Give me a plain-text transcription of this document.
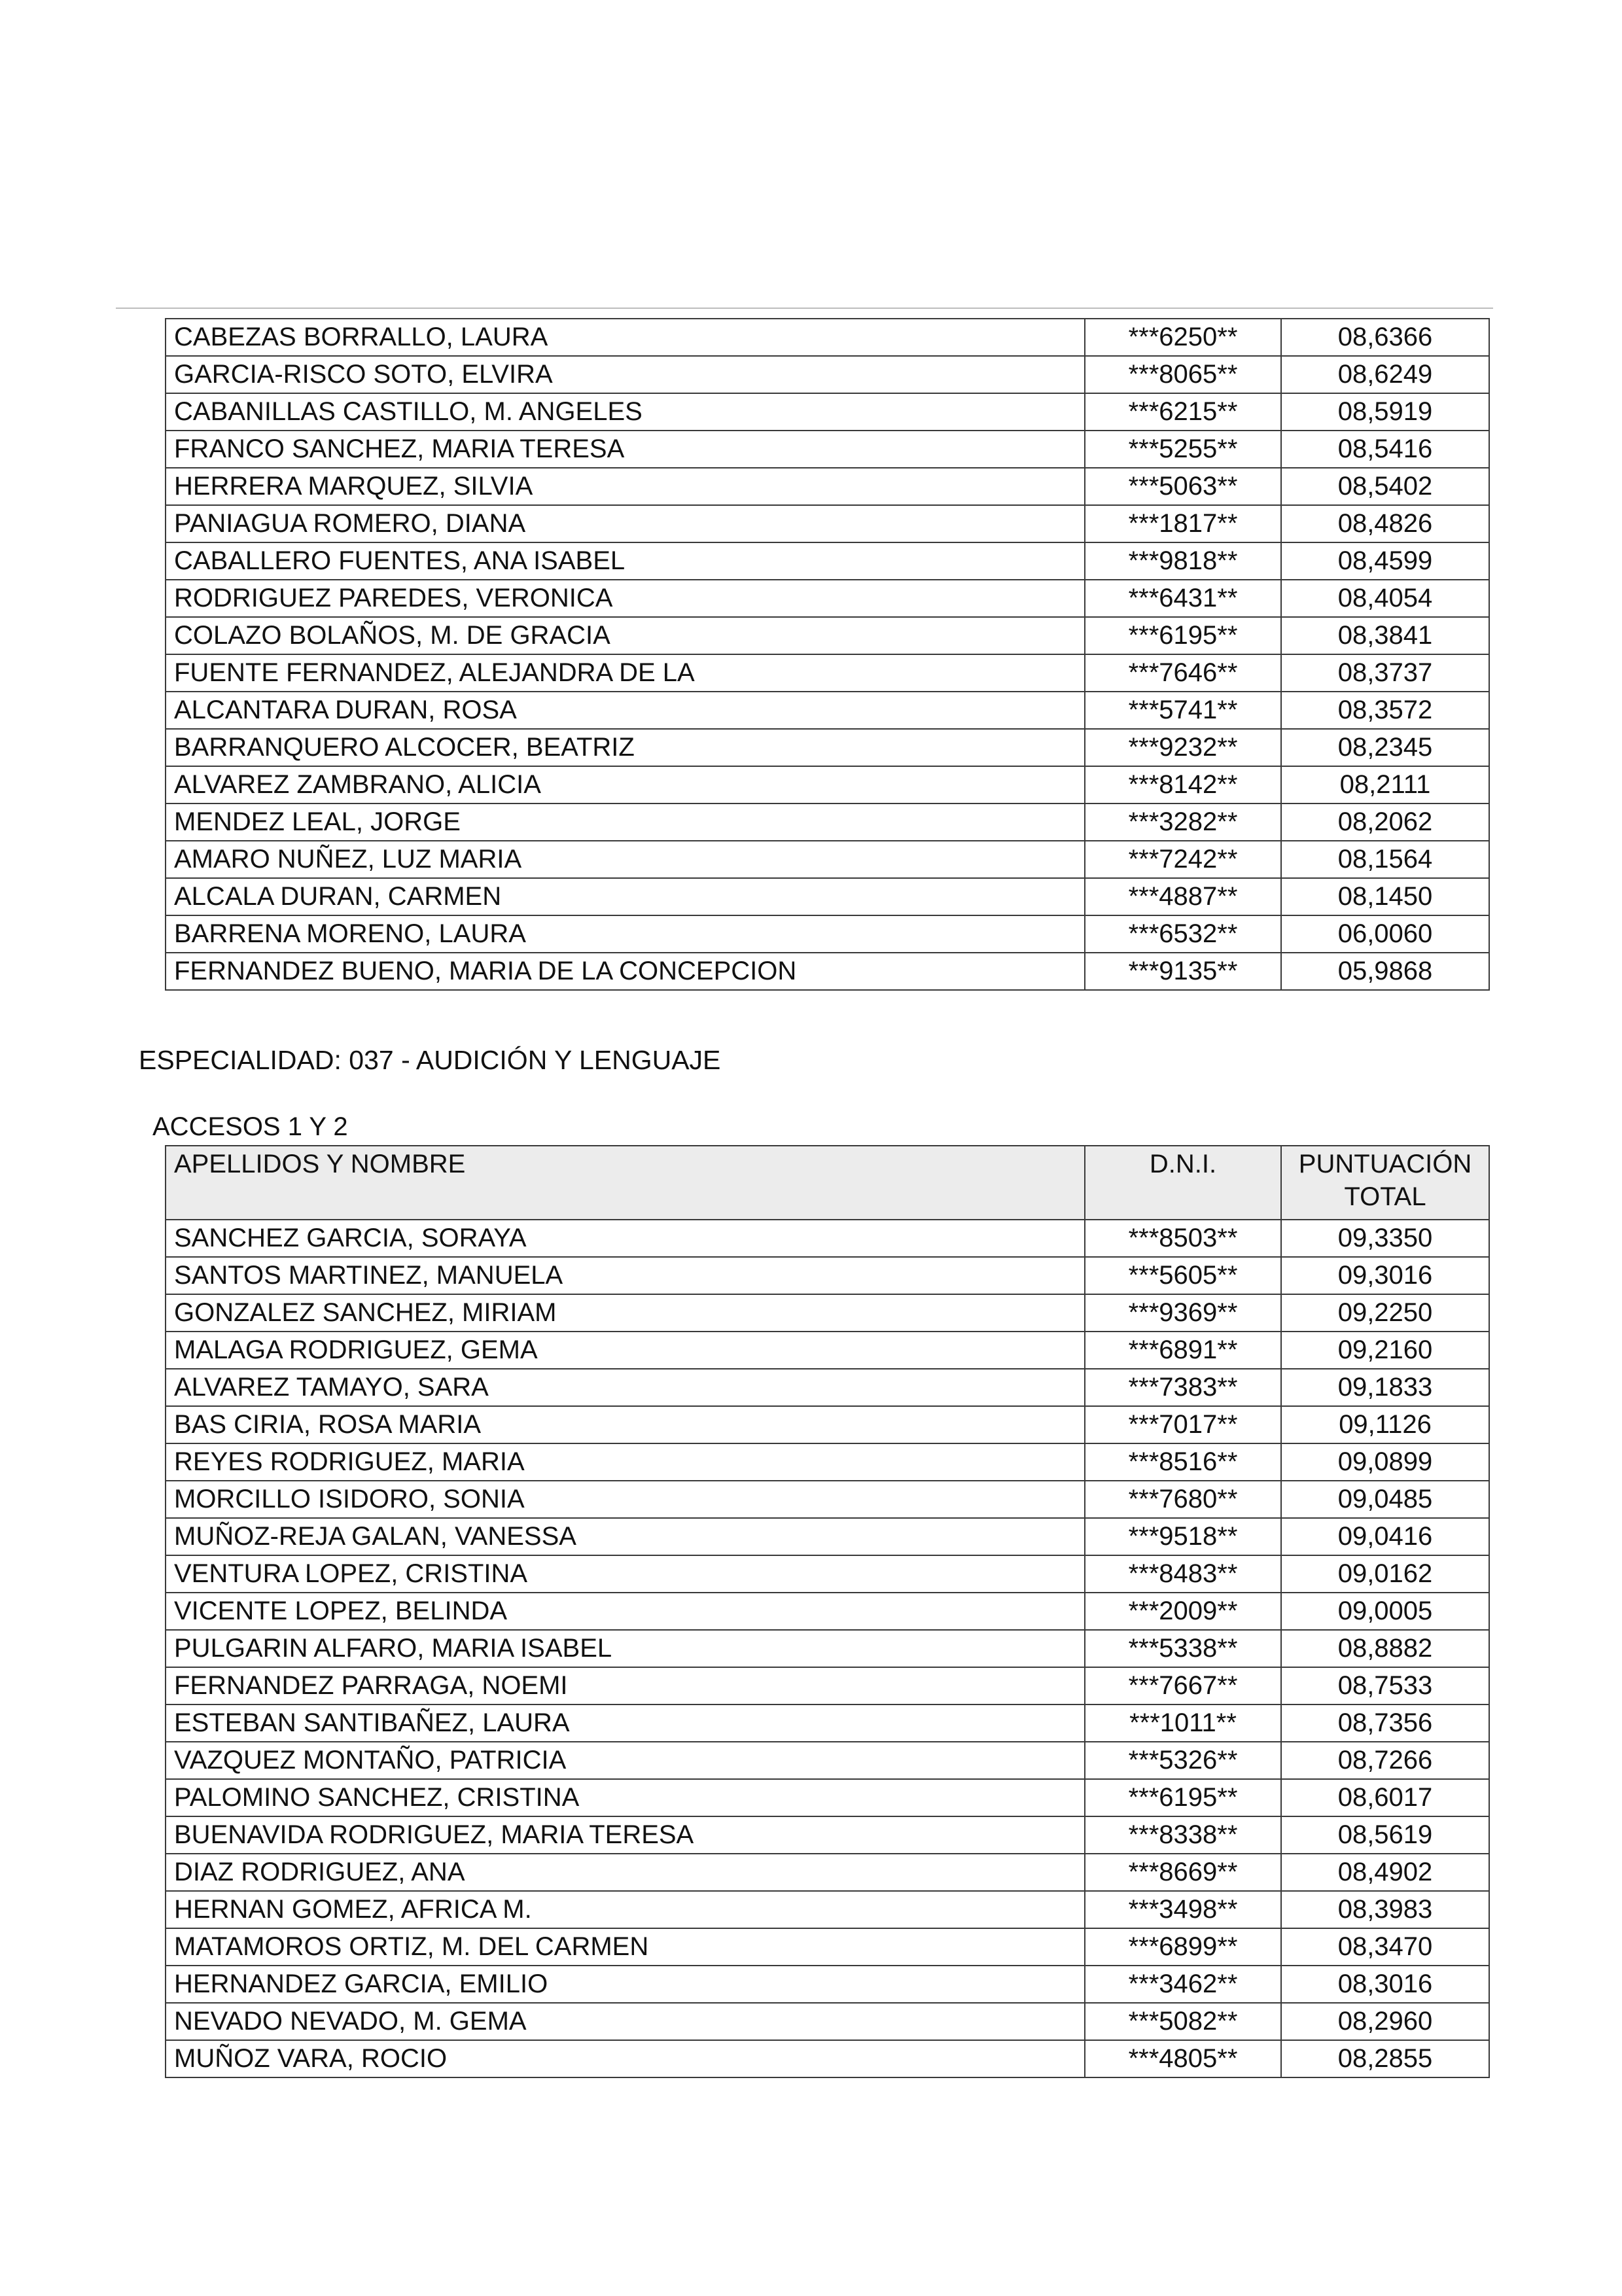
CABEZAS BORRALLO, LAURA	***6250**	08,6366
GARCIA-RISCO SOTO, ELVIRA	***8065**	08,6249
CABANILLAS CASTILLO, M. ANGELES	***6215**	08,5919
FRANCO SANCHEZ, MARIA TERESA	***5255**	08,5416
HERRERA MARQUEZ, SILVIA	***5063**	08,5402
PANIAGUA ROMERO, DIANA	***1817**	08,4826
CABALLERO FUENTES, ANA ISABEL	***9818**	08,4599
RODRIGUEZ PAREDES, VERONICA	***6431**	08,4054
COLAZO BOLAÑOS, M. DE GRACIA	***6195**	08,3841
FUENTE FERNANDEZ, ALEJANDRA DE LA	***7646**	08,3737
ALCANTARA DURAN, ROSA	***5741**	08,3572
BARRANQUERO ALCOCER, BEATRIZ	***9232**	08,2345
ALVAREZ ZAMBRANO, ALICIA	***8142**	08,2111
MENDEZ LEAL, JORGE	***3282**	08,2062
AMARO NUÑEZ, LUZ MARIA	***7242**	08,1564
ALCALA DURAN, CARMEN	***4887**	08,1450
BARRENA MORENO, LAURA	***6532**	06,0060
FERNANDEZ BUENO, MARIA DE LA CONCEPCION	***9135**	05,9868
ESPECIALIDAD: 037 - AUDICIÓN Y LENGUAJE
ACCESOS 1 Y 2
APELLIDOS Y NOMBRE	D.N.I.	PUNTUACIÓN TOTAL
SANCHEZ GARCIA, SORAYA	***8503**	09,3350
SANTOS MARTINEZ, MANUELA	***5605**	09,3016
GONZALEZ SANCHEZ, MIRIAM	***9369**	09,2250
MALAGA RODRIGUEZ, GEMA	***6891**	09,2160
ALVAREZ TAMAYO, SARA	***7383**	09,1833
BAS CIRIA, ROSA MARIA	***7017**	09,1126
REYES RODRIGUEZ, MARIA	***8516**	09,0899
MORCILLO ISIDORO, SONIA	***7680**	09,0485
MUÑOZ-REJA GALAN, VANESSA	***9518**	09,0416
VENTURA LOPEZ, CRISTINA	***8483**	09,0162
VICENTE LOPEZ, BELINDA	***2009**	09,0005
PULGARIN ALFARO, MARIA ISABEL	***5338**	08,8882
FERNANDEZ PARRAGA, NOEMI	***7667**	08,7533
ESTEBAN SANTIBAÑEZ, LAURA	***1011**	08,7356
VAZQUEZ MONTAÑO, PATRICIA	***5326**	08,7266
PALOMINO SANCHEZ, CRISTINA	***6195**	08,6017
BUENAVIDA RODRIGUEZ, MARIA TERESA	***8338**	08,5619
DIAZ RODRIGUEZ, ANA	***8669**	08,4902
HERNAN GOMEZ, AFRICA M.	***3498**	08,3983
MATAMOROS ORTIZ, M. DEL CARMEN	***6899**	08,3470
HERNANDEZ GARCIA, EMILIO	***3462**	08,3016
NEVADO NEVADO, M. GEMA	***5082**	08,2960
MUÑOZ VARA, ROCIO	***4805**	08,2855
